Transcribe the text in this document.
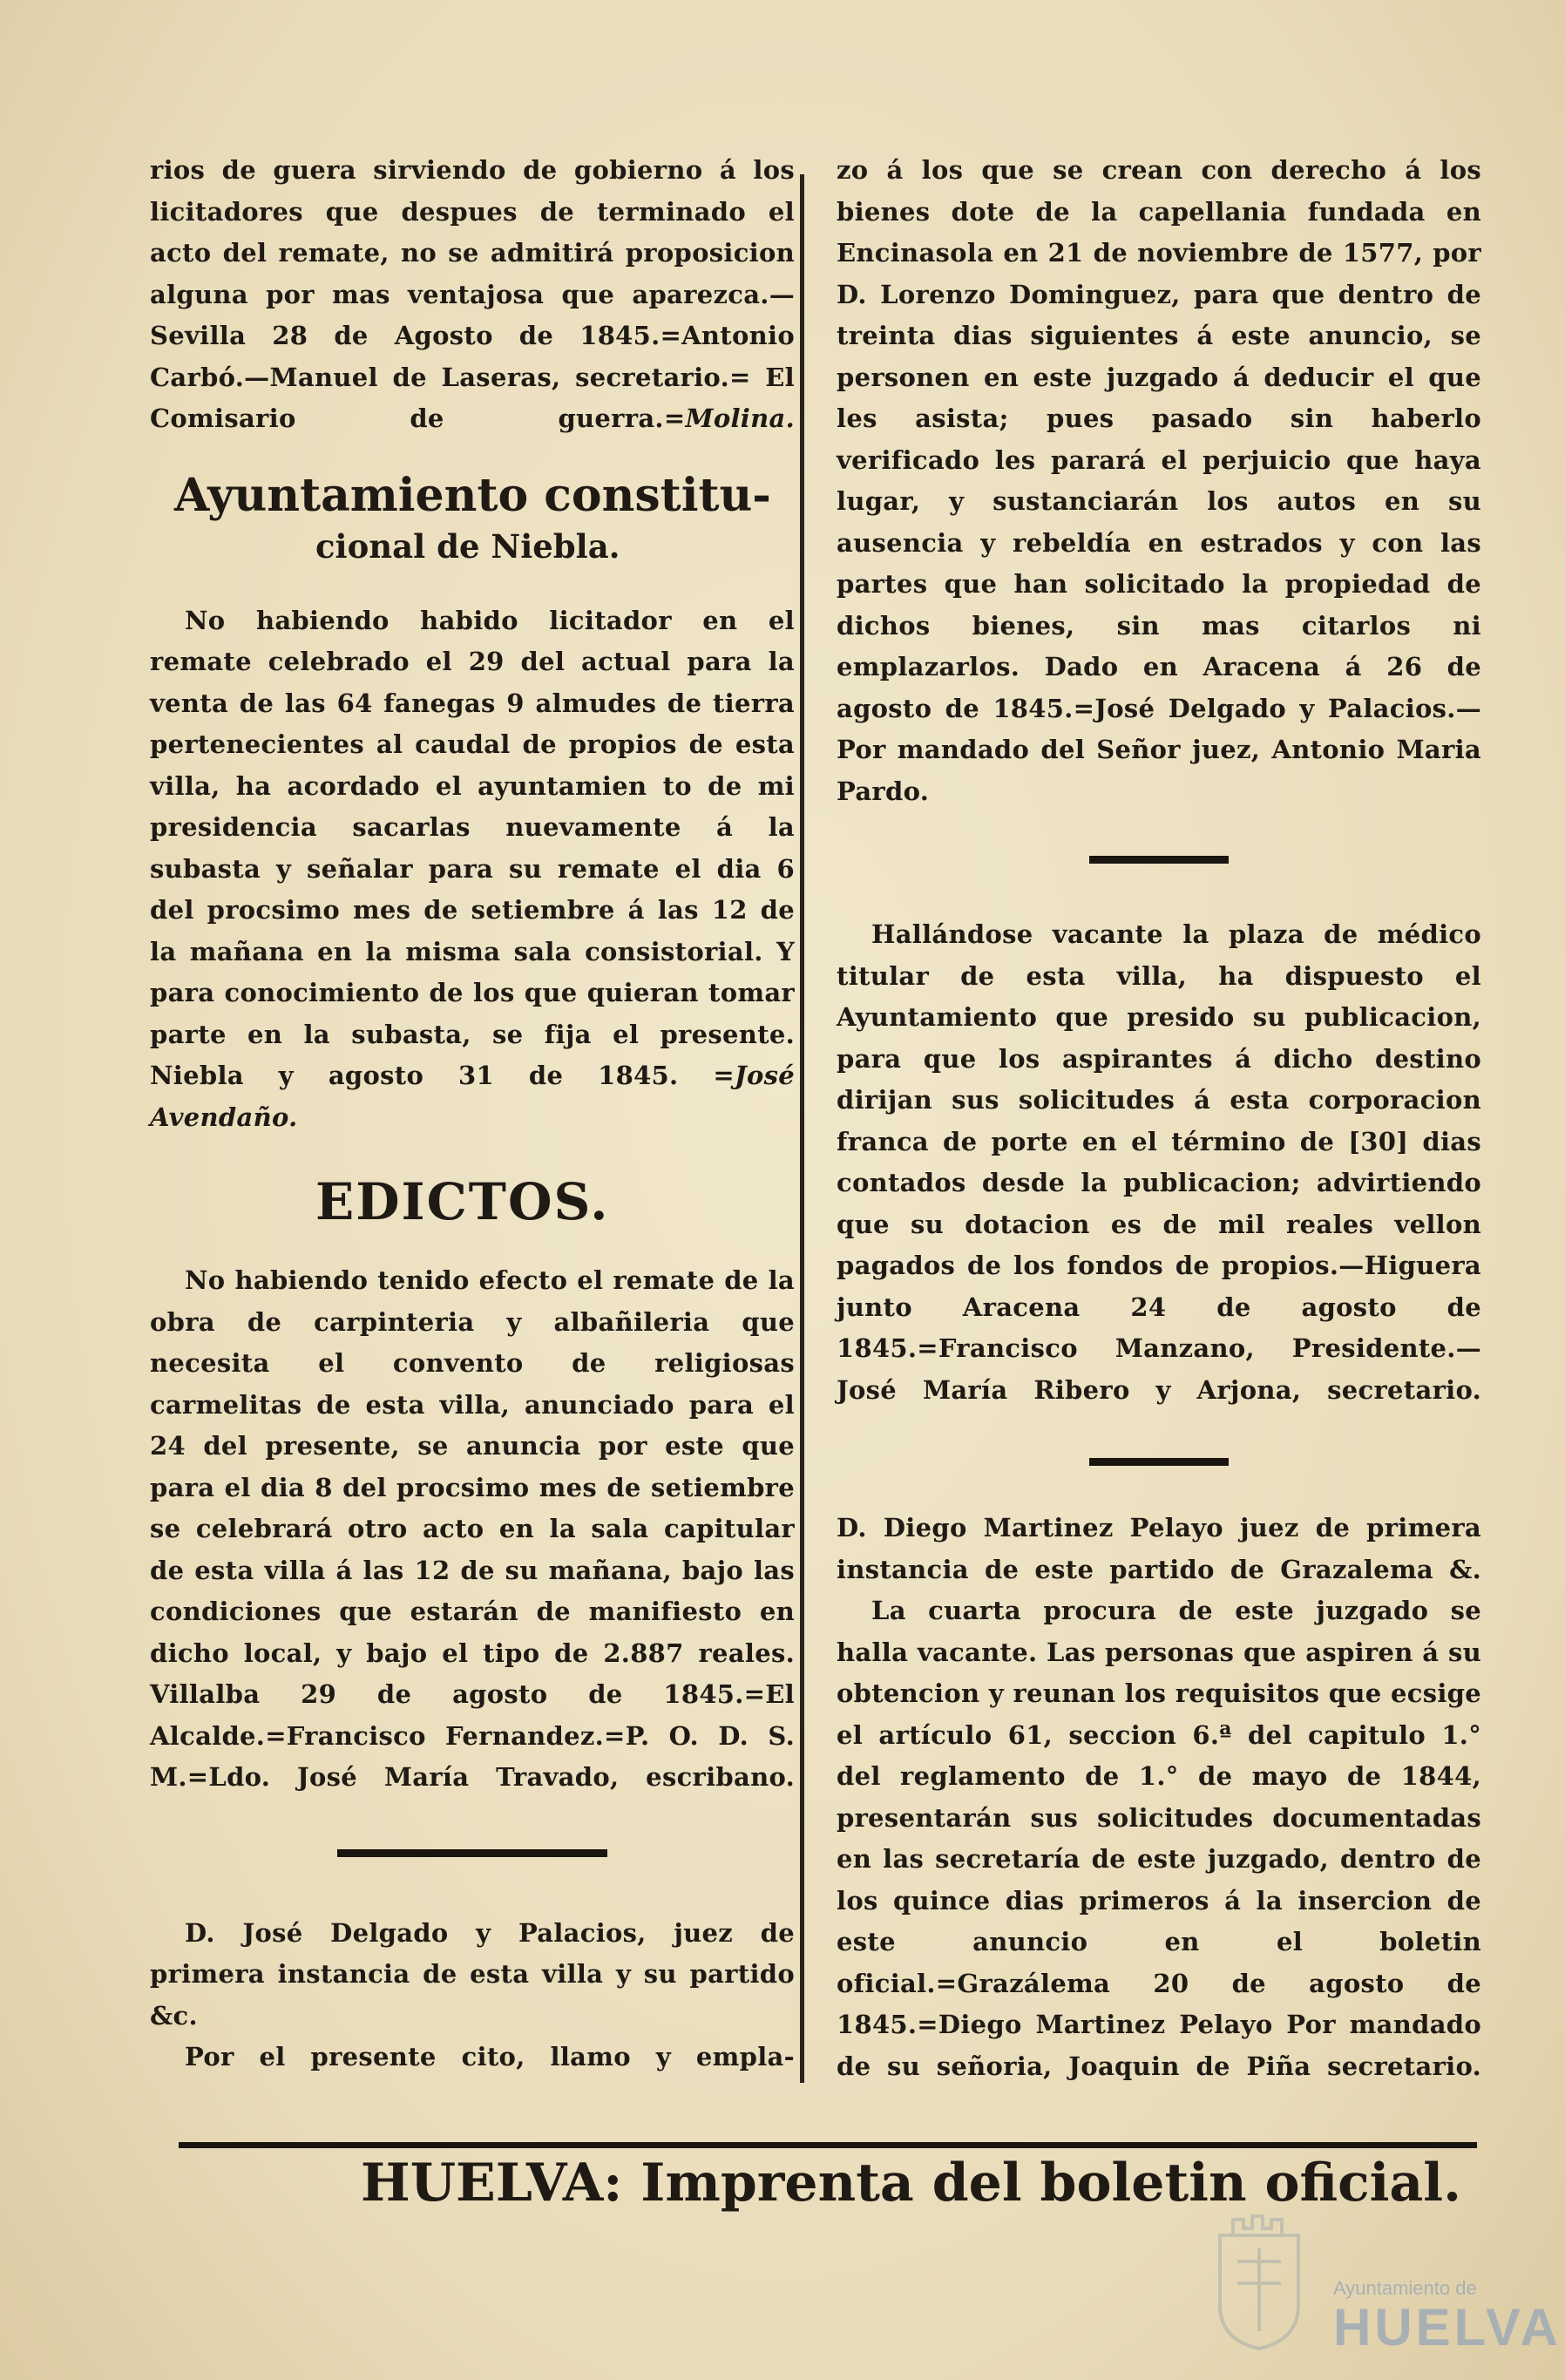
rios de guera sirviendo de gobierno á los licitadores que despues de terminado el acto del remate, no se admitirá proposicion alguna por mas ventajosa que aparezca.— Sevilla 28 de Agosto de 1845.=Antonio Carbó.—Manuel de Laseras, secretario.= El Comisario de guerra.=Molina.

Ayuntamiento constitu-
cional de Niebla.

No habiendo habido licitador en el remate celebrado el 29 del actual para la venta de las 64 fanegas 9 almudes de tierra pertenecientes al caudal de propios de esta villa, ha acordado el ayuntamien to de mi presidencia sacarlas nuevamente á la subasta y señalar para su remate el dia 6 del procsimo mes de setiembre á las 12 de la mañana en la misma sala consistorial. Y para conocimiento de los que quieran tomar parte en la subasta, se fija el presente. Niebla y agosto 31 de 1845. =José Avendaño.

EDICTOS.

No habiendo tenido efecto el remate de la obra de carpinteria y albañileria que necesita el convento de religiosas carmelitas de esta villa, anunciado para el 24 del presente, se anuncia por este que para el dia 8 del procsimo mes de setiembre se celebrará otro acto en la sala capitular de esta villa á las 12 de su mañana, bajo las condiciones que estarán de manifiesto en dicho local, y bajo el tipo de 2.887 reales. Villalba 29 de agosto de 1845.=El Alcalde.=Francisco Fernandez.=P. O. D. S. M.=Ldo. José María Travado, escribano.

D. José Delgado y Palacios, juez de primera instancia de esta villa y su partido &c.

Por el presente cito, llamo y empla-

zo á los que se crean con derecho á los bienes dote de la capellania fundada en Encinasola en 21 de noviembre de 1577, por D. Lorenzo Dominguez, para que dentro de treinta dias siguientes á este anuncio, se personen en este juzgado á deducir el que les asista; pues pasado sin haberlo verificado les parará el perjuicio que haya lugar, y sustanciarán los autos en su ausencia y rebeldía en estrados y con las partes que han solicitado la propiedad de dichos bienes, sin mas citarlos ni emplazarlos. Dado en Aracena á 26 de agosto de 1845.=José Delgado y Palacios.— Por mandado del Señor juez, Antonio Maria Pardo.

Hallándose vacante la plaza de médico titular de esta villa, ha dispuesto el Ayuntamiento que presido su publicacion, para que los aspirantes á dicho destino dirijan sus solicitudes á esta corporacion franca de porte en el término de [30] dias contados desde la publicacion; advirtiendo que su dotacion es de mil reales vellon pagados de los fondos de propios.—Higuera junto Aracena 24 de agosto de 1845.=Francisco Manzano, Presidente.—José María Ribero y Arjona, secretario.

D. Diego Martinez Pelayo juez de primera instancia de este partido de Grazalema &.

La cuarta procura de este juzgado se halla vacante. Las personas que aspiren á su obtencion y reunan los requisitos que ecsige el artículo 61, seccion 6.ª del capitulo 1.° del reglamento de 1.° de mayo de 1844, presentarán sus solicitudes documentadas en las secretaría de este juzgado, dentro de los quince dias primeros á la insercion de este anuncio en el boletin oficial.=Grazálema 20 de agosto de 1845.=Diego Martinez Pelayo Por mandado de su señoria, Joaquin de Piña secretario.

HUELVA: Imprenta del boletin oficial.
Ayuntamiento de
HUELVA
